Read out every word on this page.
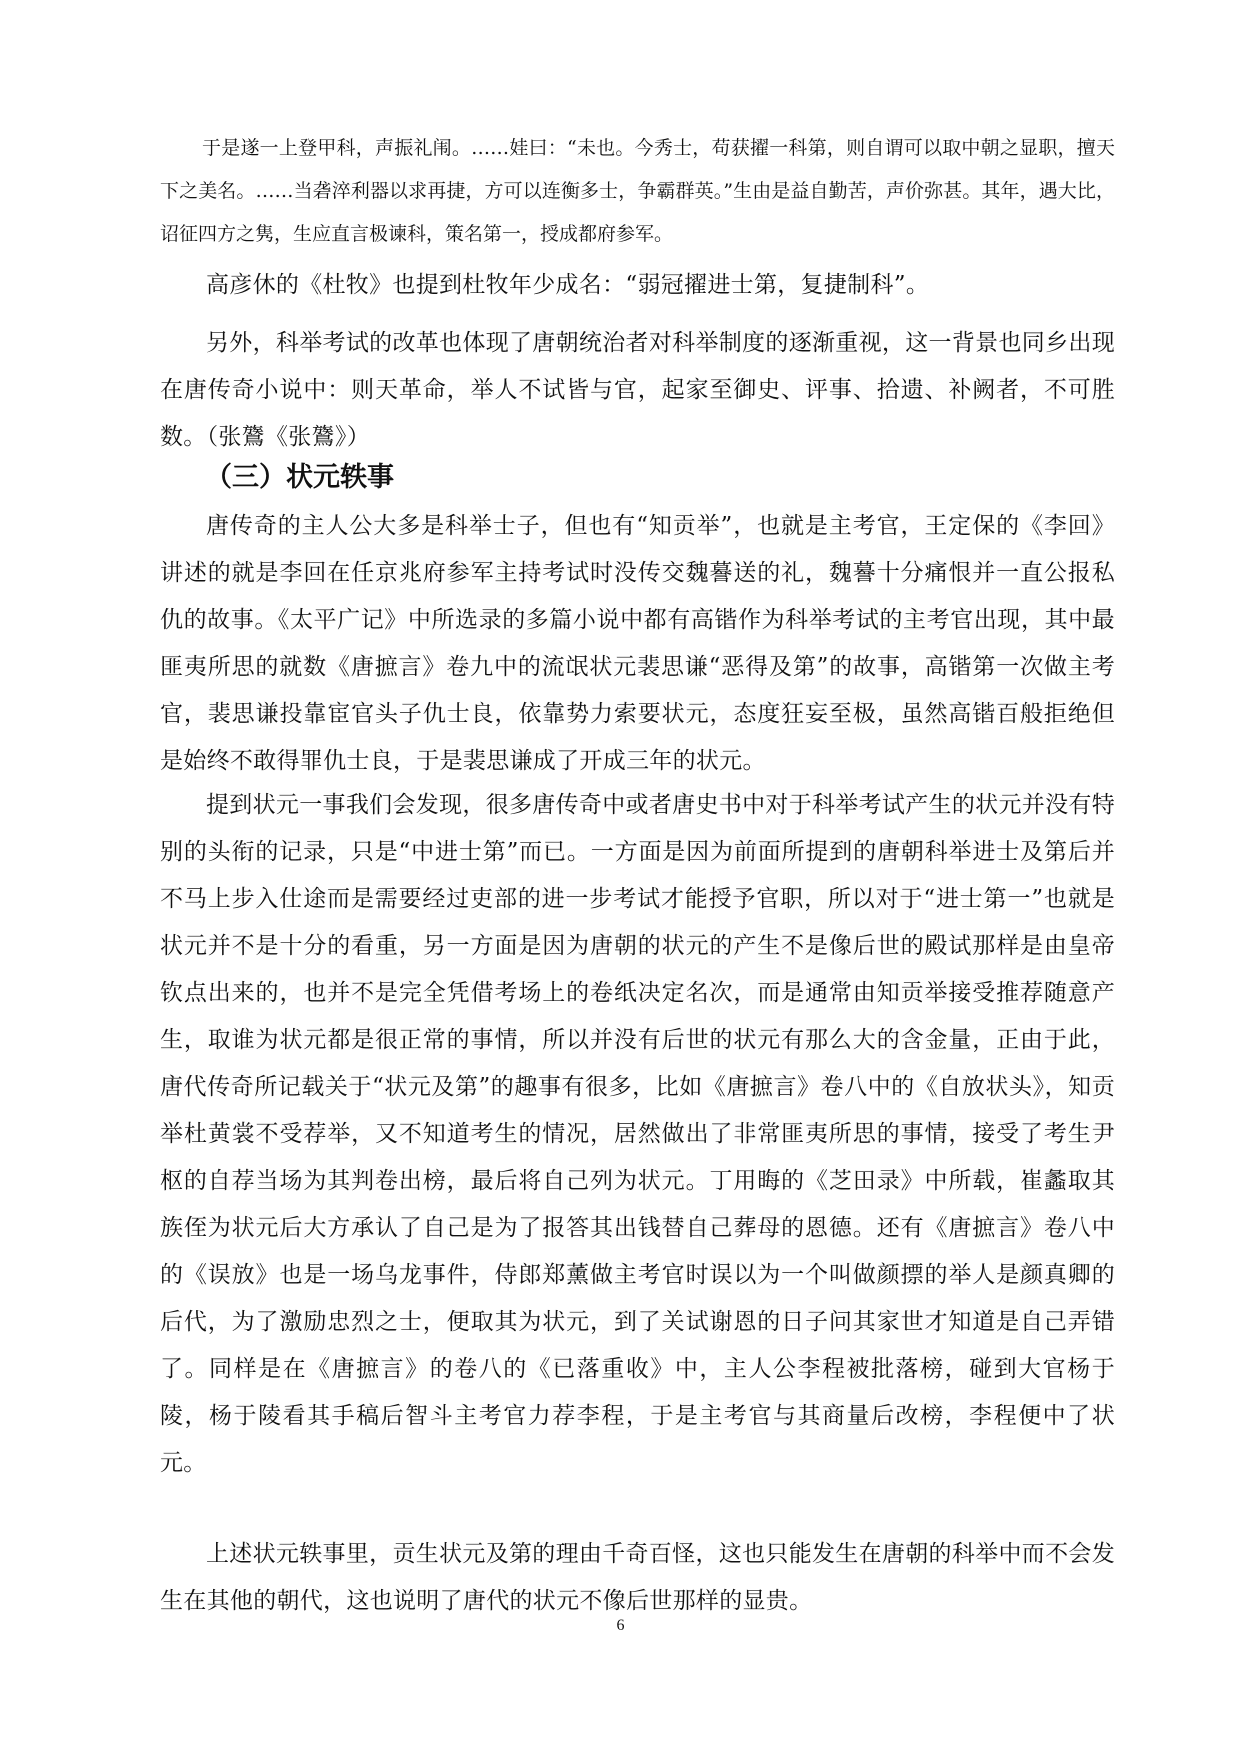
于是遂一上登甲科，声振礼闱。……娃曰：“未也。今秀士，苟获擢一科第，则自谓可以取中朝之显职，擅天下之美名。……当砻淬利器以求再捷，方可以连衡多士，争霸群英。”生由是益自勤苦，声价弥甚。其年，遇大比，诏征四方之隽，生应直言极谏科，策名第一，授成都府参军。

高彦休的《杜牧》也提到杜牧年少成名：“弱冠擢进士第，复捷制科”。

另外，科举考试的改革也体现了唐朝统治者对科举制度的逐渐重视，这一背景也同乡出现在唐传奇小说中：则天革命，举人不试皆与官，起家至御史、评事、拾遗、补阙者，不可胜数。（张鷟《张鷟》）

（三）状元轶事

唐传奇的主人公大多是科举士子，但也有“知贡举”，也就是主考官，王定保的《李回》讲述的就是李回在任京兆府参军主持考试时没传交魏謩送的礼，魏謩十分痛恨并一直公报私仇的故事。《太平广记》中所选录的多篇小说中都有高锴作为科举考试的主考官出现，其中最匪夷所思的就数《唐摭言》卷九中的流氓状元裴思谦“恶得及第”的故事，高锴第一次做主考官，裴思谦投靠宦官头子仇士良，依靠势力索要状元，态度狂妄至极，虽然高锴百般拒绝但是始终不敢得罪仇士良，于是裴思谦成了开成三年的状元。

提到状元一事我们会发现，很多唐传奇中或者唐史书中对于科举考试产生的状元并没有特别的头衔的记录，只是“中进士第”而已。一方面是因为前面所提到的唐朝科举进士及第后并不马上步入仕途而是需要经过吏部的进一步考试才能授予官职，所以对于“进士第一”也就是状元并不是十分的看重，另一方面是因为唐朝的状元的产生不是像后世的殿试那样是由皇帝钦点出来的，也并不是完全凭借考场上的卷纸决定名次，而是通常由知贡举接受推荐随意产生，取谁为状元都是很正常的事情，所以并没有后世的状元有那么大的含金量，正由于此，唐代传奇所记载关于“状元及第”的趣事有很多，比如《唐摭言》卷八中的《自放状头》，知贡举杜黄裳不受荐举，又不知道考生的情况，居然做出了非常匪夷所思的事情，接受了考生尹枢的自荐当场为其判卷出榜，最后将自己列为状元。丁用晦的《芝田录》中所载，崔蠡取其族侄为状元后大方承认了自己是为了报答其出钱替自己葬母的恩德。还有《唐摭言》卷八中的《误放》也是一场乌龙事件，侍郎郑薰做主考官时误以为一个叫做颜摽的举人是颜真卿的后代，为了激励忠烈之士，便取其为状元，到了关试谢恩的日子问其家世才知道是自己弄错了。同样是在《唐摭言》的卷八的《已落重收》中，主人公李程被批落榜，碰到大官杨于陵，杨于陵看其手稿后智斗主考官力荐李程，于是主考官与其商量后改榜，李程便中了状元。

上述状元轶事里，贡生状元及第的理由千奇百怪，这也只能发生在唐朝的科举中而不会发生在其他的朝代，这也说明了唐代的状元不像后世那样的显贵。

6
